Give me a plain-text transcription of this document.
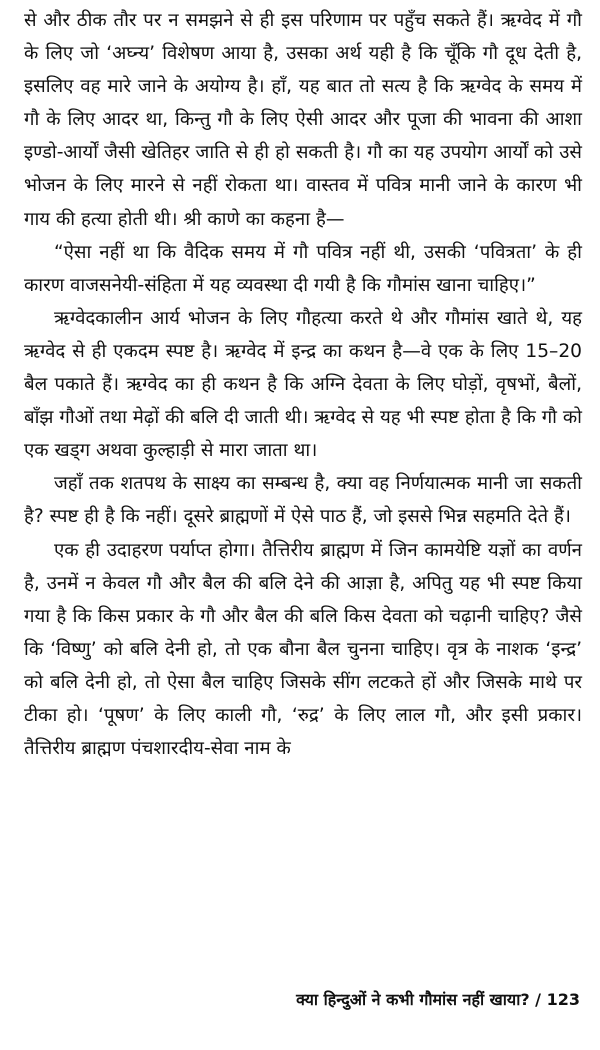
से और ठीक तौर पर न समझने से ही इस परिणाम पर पहुँच सकते हैं। ऋग्वेद में गौ के लिए जो ‘अघ्न्य’ विशेषण आया है, उसका अर्थ यही है कि चूँकि गौ दूध देती है, इसलिए वह मारे जाने के अयोग्य है। हाँ, यह बात तो सत्य है कि ऋग्वेद के समय में गौ के लिए आदर था, किन्तु गौ के लिए ऐसी आदर और पूजा की भावना की आशा इण्डो-आर्यों जैसी खेतिहर जाति से ही हो सकती है। गौ का यह उपयोग आर्यों को उसे भोजन के लिए मारने से नहीं रोकता था। वास्तव में पवित्र मानी जाने के कारण भी गाय की हत्या होती थी। श्री काणे का कहना है—

“ऐसा नहीं था कि वैदिक समय में गौ पवित्र नहीं थी, उसकी ‘पवित्रता’ के ही कारण वाजसनेयी-संहिता में यह व्यवस्था दी गयी है कि गौमांस खाना चाहिए।”

ऋग्वेदकालीन आर्य भोजन के लिए गौहत्या करते थे और गौमांस खाते थे, यह ऋग्वेद से ही एकदम स्पष्ट है। ऋग्वेद में इन्द्र का कथन है—वे एक के लिए 15–20 बैल पकाते हैं। ऋग्वेद का ही कथन है कि अग्नि देवता के लिए घोड़ों, वृषभों, बैलों, बाँझ गौओं तथा मेढ़ों की बलि दी जाती थी। ऋग्वेद से यह भी स्पष्ट होता है कि गौ को एक खड्ग अथवा कुल्हाड़ी से मारा जाता था।

जहाँ तक शतपथ के साक्ष्य का सम्बन्ध है, क्या वह निर्णयात्मक मानी जा सकती है? स्पष्ट ही है कि नहीं। दूसरे ब्राह्मणों में ऐसे पाठ हैं, जो इससे भिन्न सहमति देते हैं।

एक ही उदाहरण पर्याप्त होगा। तैत्तिरीय ब्राह्मण में जिन कामयेष्टि यज्ञों का वर्णन है, उनमें न केवल गौ और बैल की बलि देने की आज्ञा है, अपितु यह भी स्पष्ट किया गया है कि किस प्रकार के गौ और बैल की बलि किस देवता को चढ़ानी चाहिए? जैसे कि ‘विष्णु’ को बलि देनी हो, तो एक बौना बैल चुनना चाहिए। वृत्र के नाशक ‘इन्द्र’ को बलि देनी हो, तो ऐसा बैल चाहिए जिसके सींग लटकते हों और जिसके माथे पर टीका हो। ‘पूषण’ के लिए काली गौ, ‘रुद्र’ के लिए लाल गौ, और इसी प्रकार। तैत्तिरीय ब्राह्मण पंचशारदीय-सेवा नाम के

क्या हिन्दुओं ने कभी गौमांस नहीं खाया? / 123
